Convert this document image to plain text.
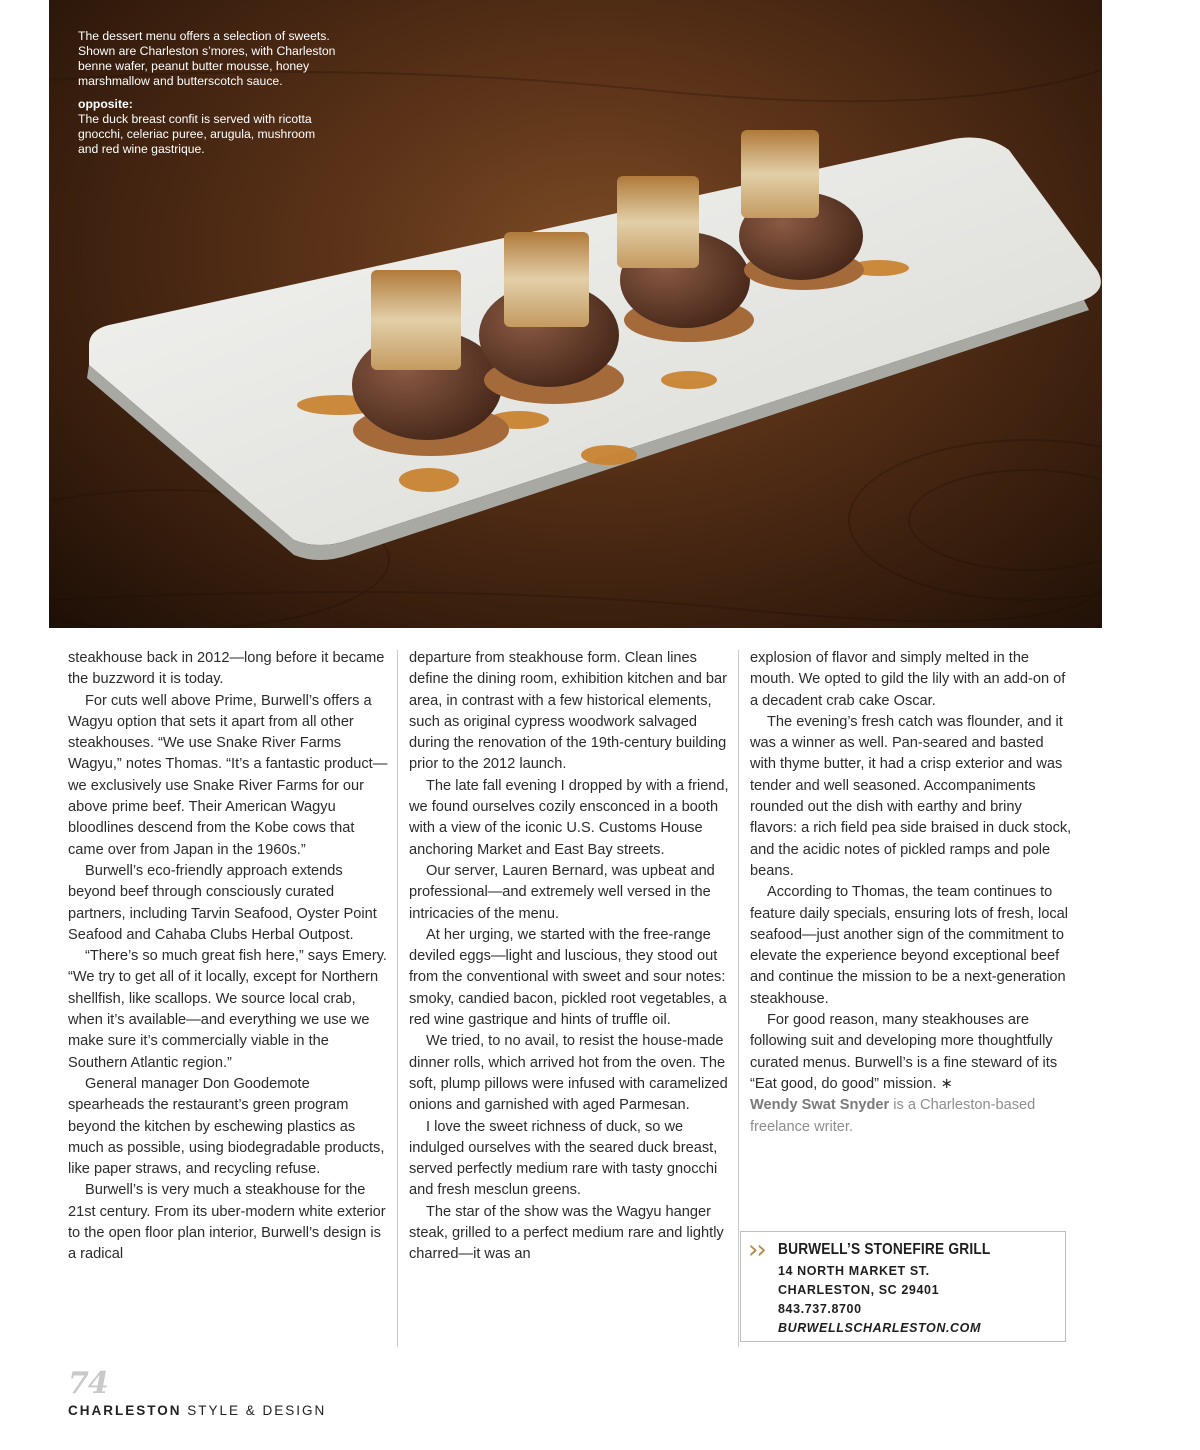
The dessert menu offers a selection of sweets. Shown are Charleston s’mores, with Charleston benne wafer, peanut butter mousse, honey marshmallow and butterscotch sauce.

opposite:
The duck breast confit is served with ricotta gnocchi, celeriac puree, arugula, mushroom and red wine gastrique.

steakhouse back in 2012—long before it became the buzzword it is today.

For cuts well above Prime, Burwell’s offers a Wagyu option that sets it apart from all other steakhouses. “We use Snake River Farms Wagyu,” notes Thomas. “It’s a fantastic product—we exclusively use Snake River Farms for our above prime beef. Their American Wagyu bloodlines descend from the Kobe cows that came over from Japan in the 1960s.”

Burwell’s eco-friendly approach extends beyond beef through consciously curated partners, including Tarvin Seafood, Oyster Point Seafood and Cahaba Clubs Herbal Outpost.

“There’s so much great fish here,” says Emery. “We try to get all of it locally, except for Northern shellfish, like scallops. We source local crab, when it’s available—and everything we use we make sure it’s commercially viable in the Southern Atlantic region.”

General manager Don Goodemote spearheads the restaurant’s green program beyond the kitchen by eschewing plastics as much as possible, using biodegradable products, like paper straws, and recycling refuse.

Burwell’s is very much a steakhouse for the 21st century. From its uber-modern white exterior to the open floor plan interior, Burwell’s design is a radical

departure from steakhouse form. Clean lines define the dining room, exhibition kitchen and bar area, in contrast with a few historical elements, such as original cypress woodwork salvaged during the renovation of the 19th-century building prior to the 2012 launch.

The late fall evening I dropped by with a friend, we found ourselves cozily ensconced in a booth with a view of the iconic U.S. Customs House anchoring Market and East Bay streets.

Our server, Lauren Bernard, was upbeat and professional—and extremely well versed in the intricacies of the menu.

At her urging, we started with the free-range deviled eggs—light and luscious, they stood out from the conventional with sweet and sour notes: smoky, candied bacon, pickled root vegetables, a red wine gastrique and hints of truffle oil.

We tried, to no avail, to resist the house-made dinner rolls, which arrived hot from the oven. The soft, plump pillows were infused with caramelized onions and garnished with aged Parmesan.

I love the sweet richness of duck, so we indulged ourselves with the seared duck breast, served perfectly medium rare with tasty gnocchi and fresh mesclun greens.

The star of the show was the Wagyu hanger steak, grilled to a perfect medium rare and lightly charred—it was an

explosion of flavor and simply melted in the mouth. We opted to gild the lily with an add-on of a decadent crab cake Oscar.

The evening’s fresh catch was flounder, and it was a winner as well. Pan-seared and basted with thyme butter, it had a crisp exterior and was tender and well seasoned. Accompaniments rounded out the dish with earthy and briny flavors: a rich field pea side braised in duck stock, and the acidic notes of pickled ramps and pole beans.

According to Thomas, the team continues to feature daily specials, ensuring lots of fresh, local seafood—just another sign of the commitment to elevate the experience beyond exceptional beef and continue the mission to be a next-generation steakhouse.

For good reason, many steakhouses are following suit and developing more thoughtfully curated menus. Burwell’s is a fine steward of its “Eat good, do good” mission. ∗

Wendy Swat Snyder is a Charleston-based freelance writer.

›› BURWELL’S STONEFIRE GRILL
14 NORTH MARKET ST.
CHARLESTON, SC 29401
843.737.8700
BURWELLSCHARLESTON.COM
74
CHARLESTON STYLE & DESIGN
